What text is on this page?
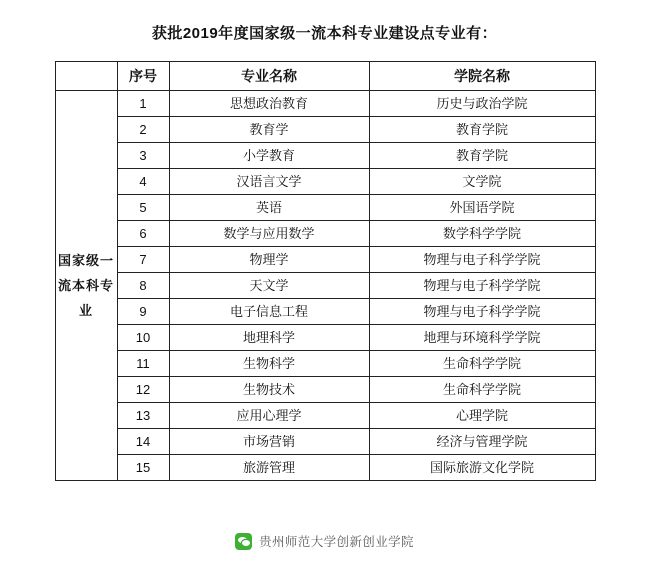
获批2019年度国家级一流本科专业建设点专业有：
	序号	专业名称	学院名称
国家级一流本科专业	1	思想政治教育	历史与政治学院
	2	教育学	教育学院
	3	小学教育	教育学院
	4	汉语言文学	文学院
	5	英语	外国语学院
	6	数学与应用数学	数学科学学院
	7	物理学	物理与电子科学学院
	8	天文学	物理与电子科学学院
	9	电子信息工程	物理与电子科学学院
	10	地理科学	地理与环境科学学院
	11	生物科学	生命科学学院
	12	生物技术	生命科学学院
	13	应用心理学	心理学院
	14	市场营销	经济与管理学院
	15	旅游管理	国际旅游文化学院
贵州师范大学创新创业学院
